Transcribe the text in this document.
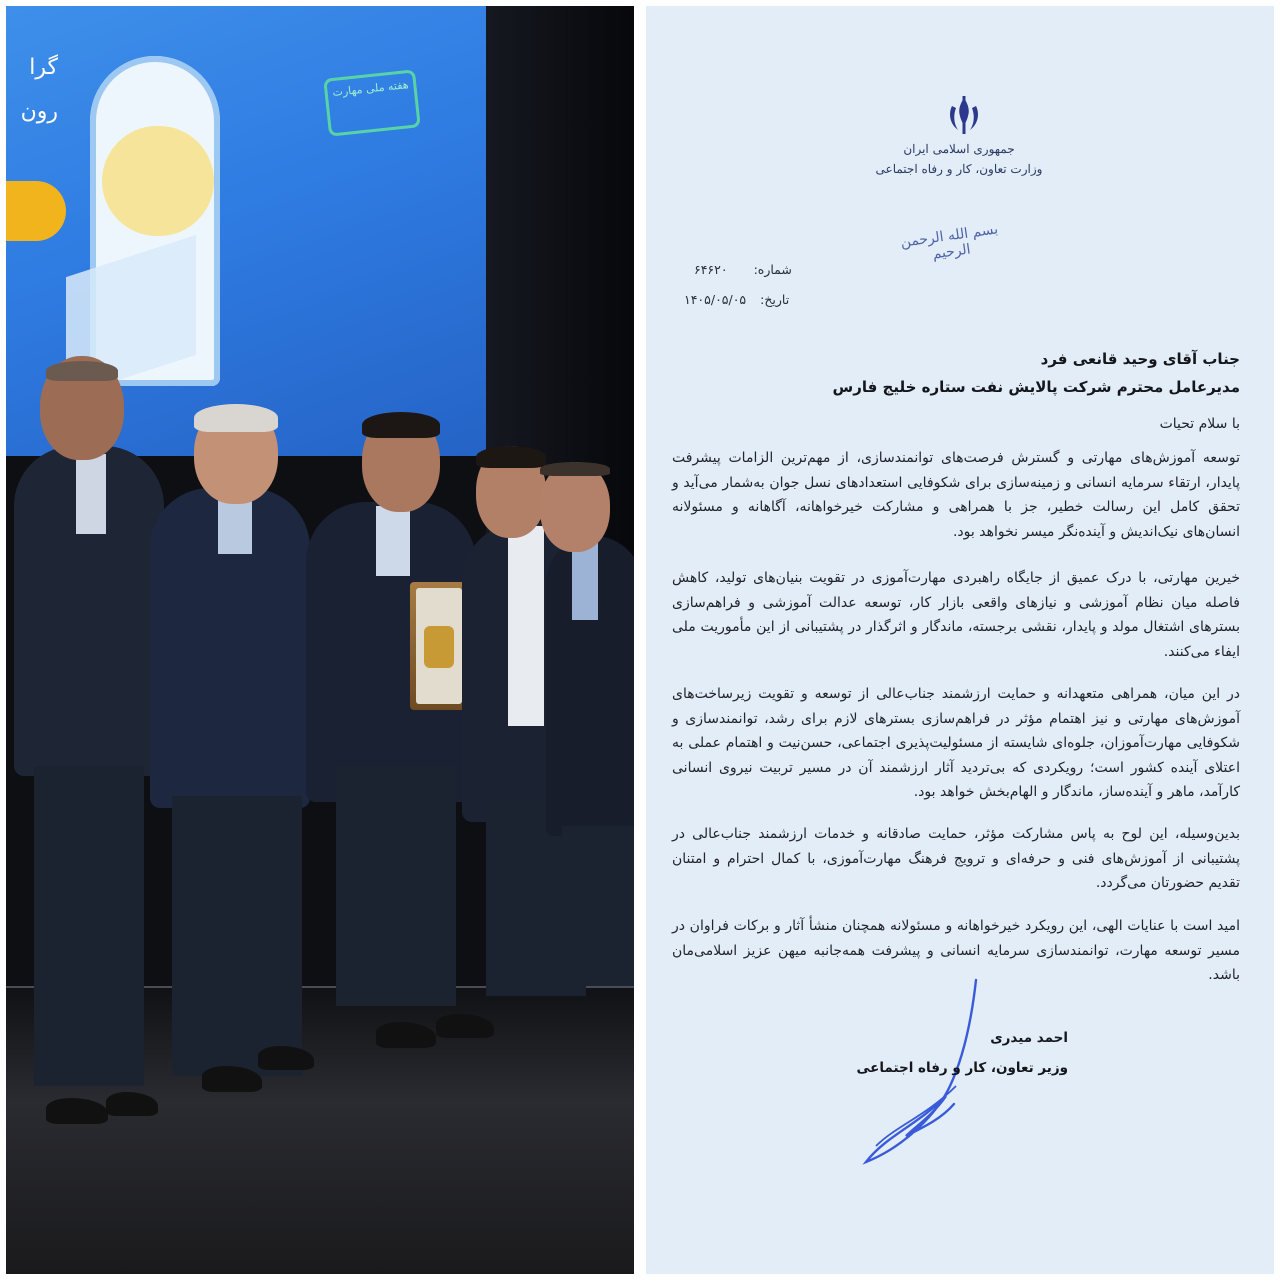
گرا
رون
هفته ملی مهارت
جمهوری اسلامی ایران
وزارت تعاون، کار و رفاه اجتماعی
بسم الله الرحمن الرحیم
شماره: ۶۴۶۲۰
تاریخ: ۱۴۰۵/۰۵/۰۵
جناب آقای وحید قانعی فرد
مدیرعامل محترم شرکت پالایش نفت ستاره خلیج فارس
با سلام تحیات
توسعه آموزش‌های مهارتی و گسترش فرصت‌های توانمندسازی، از مهم‌ترین الزامات پیشرفت پایدار، ارتقاء سرمایه انسانی و زمینه‌سازی برای شکوفایی استعدادهای نسل جوان به‌شمار می‌آید و تحقق کامل این رسالت خطیر، جز با همراهی و مشارکت خیرخواهانه، آگاهانه و مسئولانه انسان‌های نیک‌اندیش و آینده‌نگر میسر نخواهد بود.
خیرین مهارتی، با درک عمیق از جایگاه راهبردی مهارت‌آموزی در تقویت بنیان‌های تولید، کاهش فاصله میان نظام آموزشی و نیازهای واقعی بازار کار، توسعه عدالت آموزشی و فراهم‌سازی بسترهای اشتغال مولد و پایدار، نقشی برجسته، ماندگار و اثرگذار در پشتیبانی از این مأموریت ملی ایفاء می‌کنند.
در این میان، همراهی متعهدانه و حمایت ارزشمند جناب‌عالی از توسعه و تقویت زیرساخت‌های آموزش‌های مهارتی و نیز اهتمام مؤثر در فراهم‌سازی بسترهای لازم برای رشد، توانمندسازی و شکوفایی مهارت‌آموزان، جلوه‌ای شایسته از مسئولیت‌پذیری اجتماعی، حسن‌نیت و اهتمام عملی به اعتلای آینده کشور است؛ رویکردی که بی‌تردید آثار ارزشمند آن در مسیر تربیت نیروی انسانی کارآمد، ماهر و آینده‌ساز، ماندگار و الهام‌بخش خواهد بود.
بدین‌وسیله، این لوح به پاس مشارکت مؤثر، حمایت صادقانه و خدمات ارزشمند جناب‌عالی در پشتیبانی از آموزش‌های فنی و حرفه‌ای و ترویج فرهنگ مهارت‌آموزی، با کمال احترام و امتنان تقدیم حضورتان می‌گردد.
امید است با عنایات الهی، این رویکرد خیرخواهانه و مسئولانه همچنان منشأ آثار و برکات فراوان در مسیر توسعه مهارت، توانمندسازی سرمایه انسانی و پیشرفت همه‌جانبه میهن عزیز اسلامی‌مان باشد.
احمد میدری
وزیر تعاون، کار و رفاه اجتماعی
